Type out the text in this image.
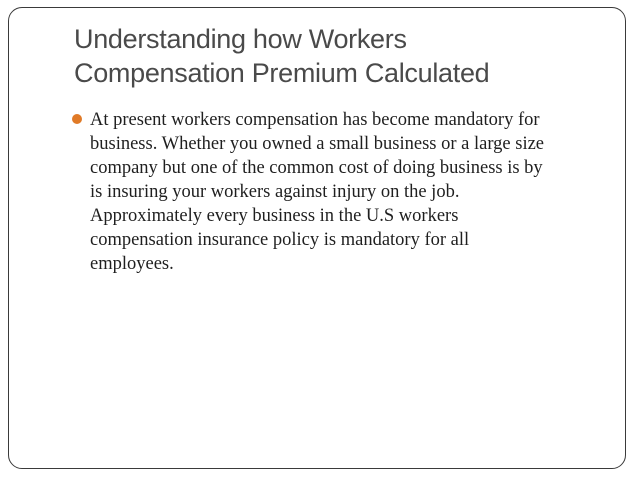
Understanding how Workers
Compensation Premium Calculated
At present workers compensation has become mandatory for
business. Whether you owned a small business or a large size
company but one of the common cost of doing business is by
is insuring your workers against injury on the job.
Approximately every business in the U.S workers
compensation insurance policy is mandatory for all
employees.
